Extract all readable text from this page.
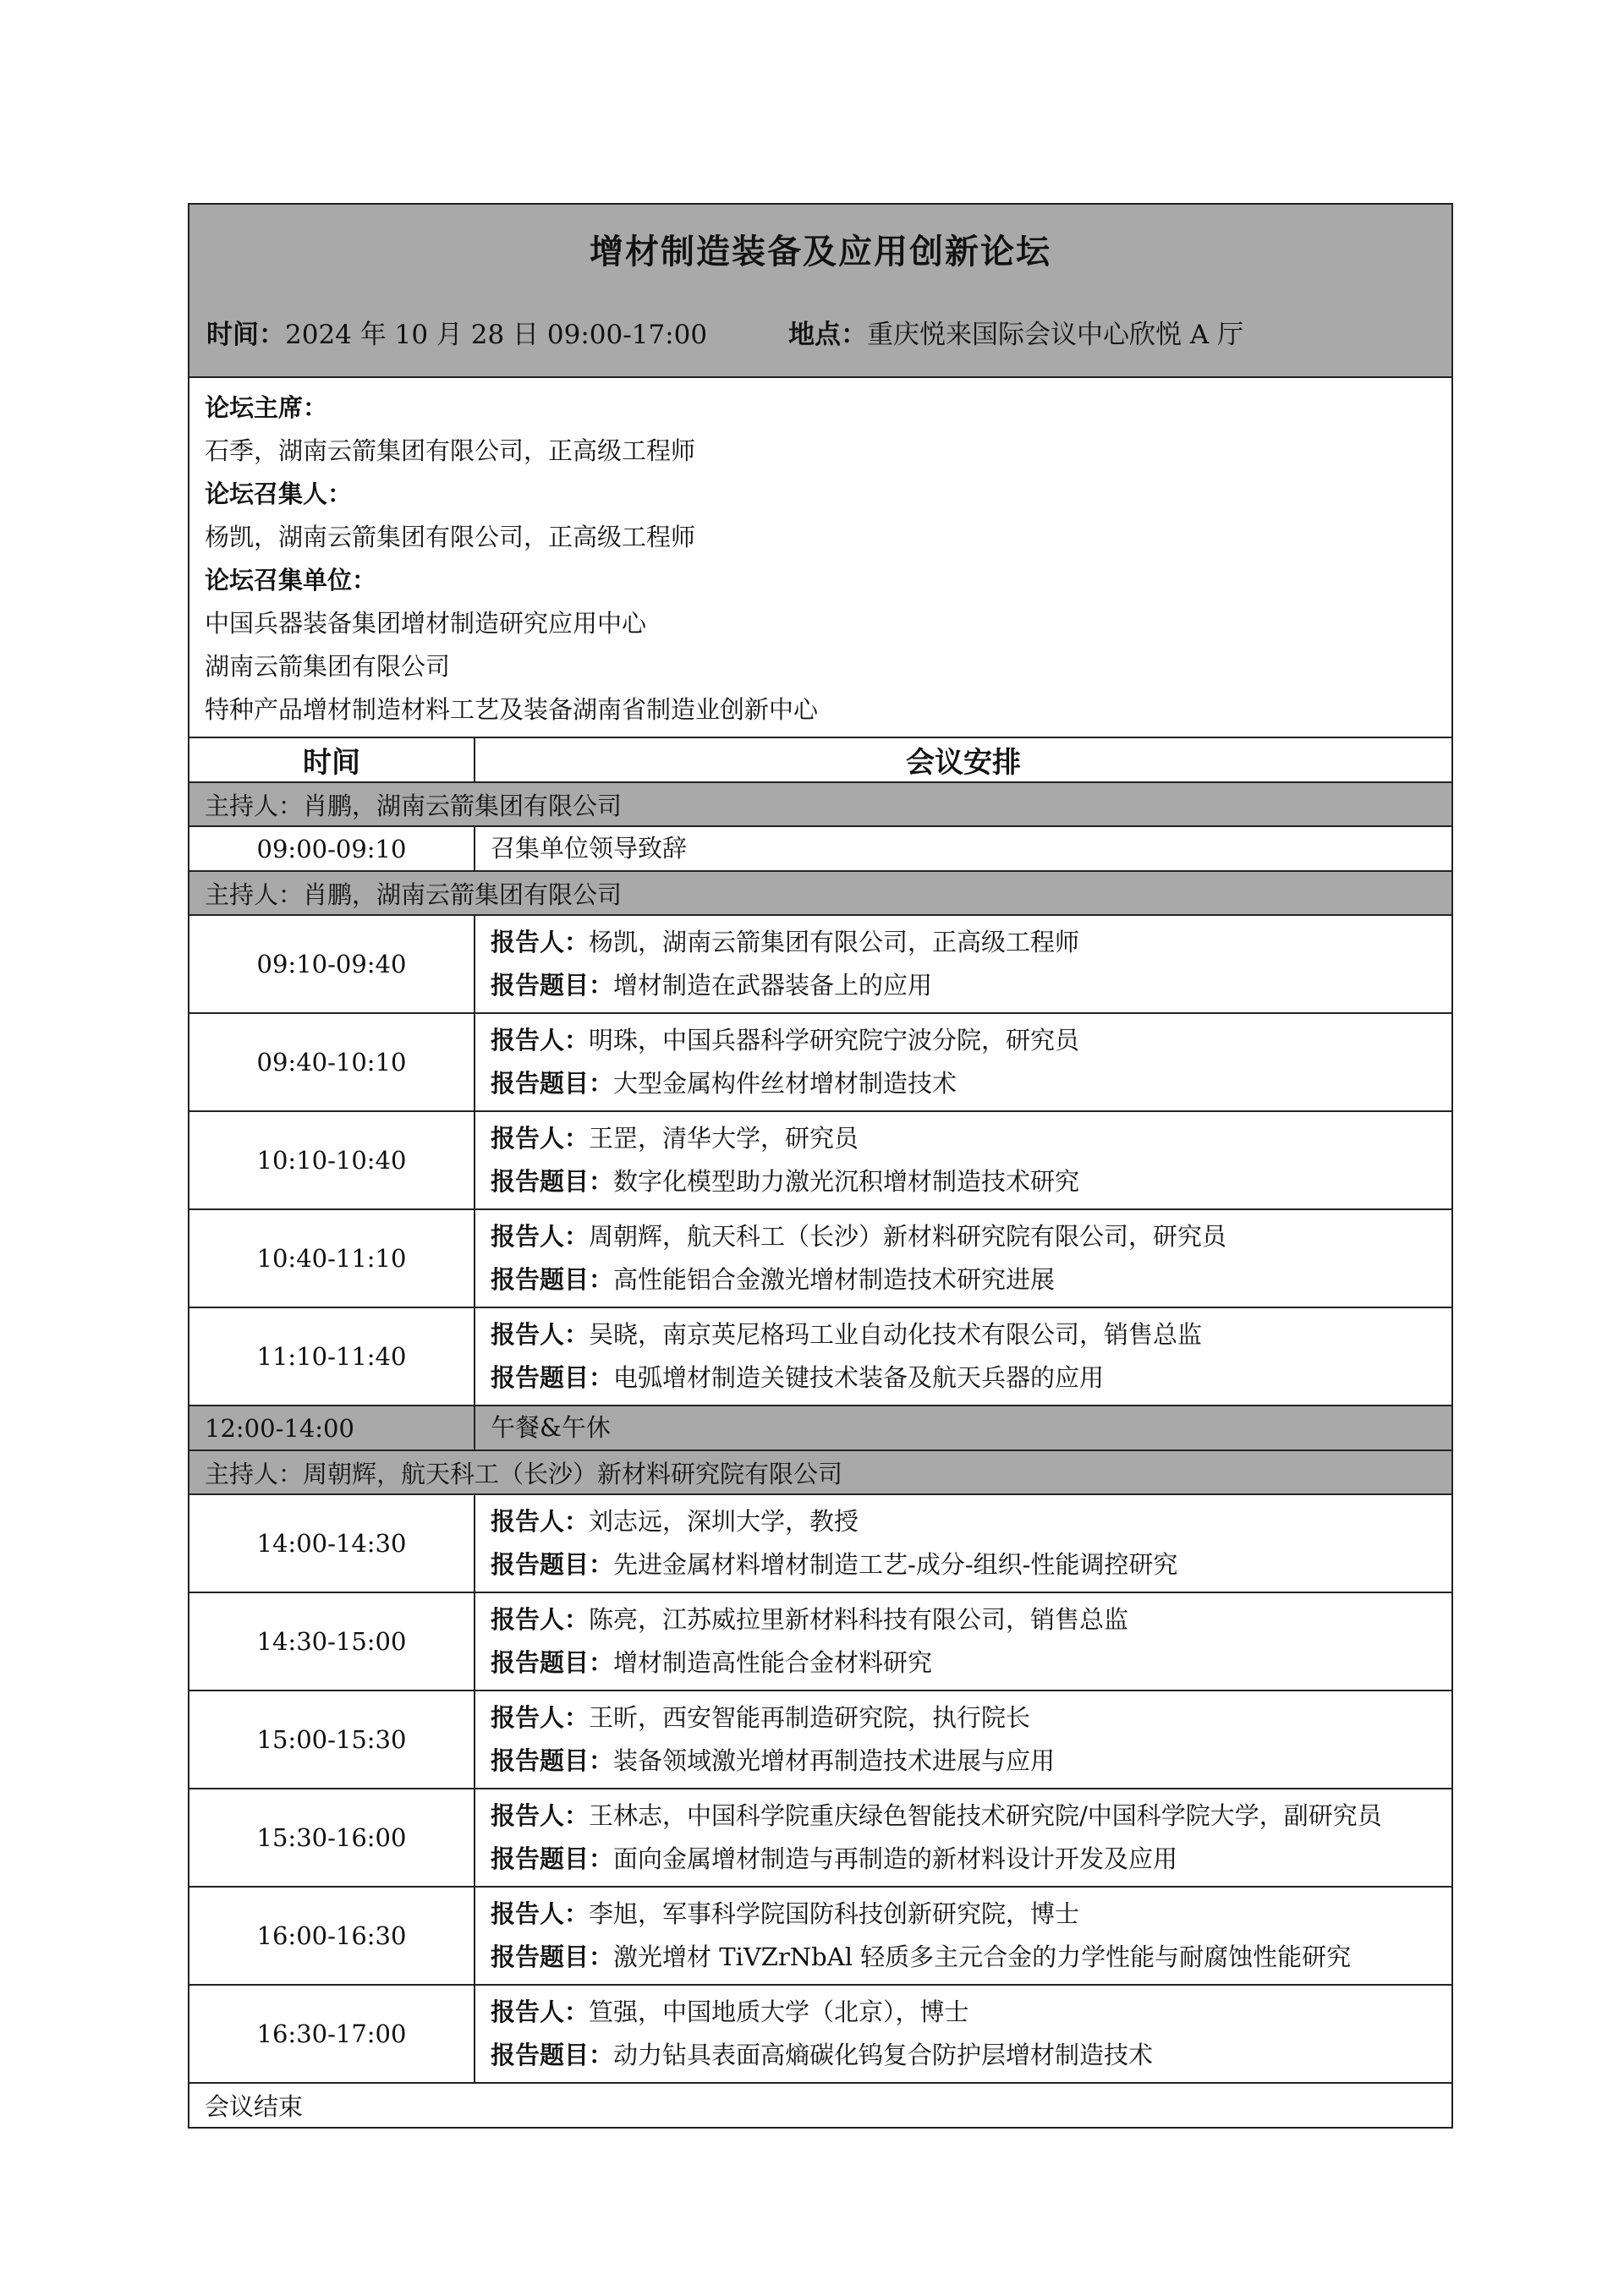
增材制造装备及应用创新论坛
时间： 2024 年 10 月 28 日 09:00-17:00	地点： 重庆悦来国际会议中心欣悦 A 厅
论坛主席：
石季，湖南云箭集团有限公司，正高级工程师
论坛召集人：
杨凯，湖南云箭集团有限公司，正高级工程师
论坛召集单位：
中国兵器装备集团增材制造研究应用中心
湖南云箭集团有限公司
特种产品增材制造材料工艺及装备湖南省制造业创新中心
时间	会议安排
主持人：肖鹏，湖南云箭集团有限公司	
09:00-09:10	召集单位领导致辞
主持人：肖鹏，湖南云箭集团有限公司	
09:10-09:40	报告人：杨凯，湖南云箭集团有限公司，正高级工程师
报告题目：增材制造在武器装备上的应用

09:40-10:10	报告人：明珠，中国兵器科学研究院宁波分院，研究员
报告题目：大型金属构件丝材增材制造技术

10:10-10:40	报告人：王罡，清华大学，研究员
报告题目：数字化模型助力激光沉积增材制造技术研究

10:40-11:10	报告人：周朝辉，航天科工（长沙）新材料研究院有限公司，研究员
报告题目：高性能铝合金激光增材制造技术研究进展

11:10-11:40	报告人：吴晓，南京英尼格玛工业自动化技术有限公司，销售总监
报告题目：电弧增材制造关键技术装备及航天兵器的应用

12:00-14:00	午餐&午休
主持人：周朝辉，航天科工（长沙）新材料研究院有限公司	
14:00-14:30	报告人：刘志远，深圳大学，教授
报告题目：先进金属材料增材制造工艺-成分-组织-性能调控研究

14:30-15:00	报告人：陈亮，江苏威拉里新材料科技有限公司，销售总监
报告题目：增材制造高性能合金材料研究

15:00-15:30	报告人：王昕，西安智能再制造研究院，执行院长
报告题目：装备领域激光增材再制造技术进展与应用

15:30-16:00	报告人：王林志，中国科学院重庆绿色智能技术研究院/中国科学院大学，副研究员
报告题目：面向金属增材制造与再制造的新材料设计开发及应用

16:00-16:30	报告人：李旭，军事科学院国防科技创新研究院，博士
报告题目：激光增材 TiVZrNbAl 轻质多主元合金的力学性能与耐腐蚀性能研究

16:30-17:00	报告人：笪强，中国地质大学（北京），博士
报告题目：动力钻具表面高熵碳化钨复合防护层增材制造技术

会议结束	
